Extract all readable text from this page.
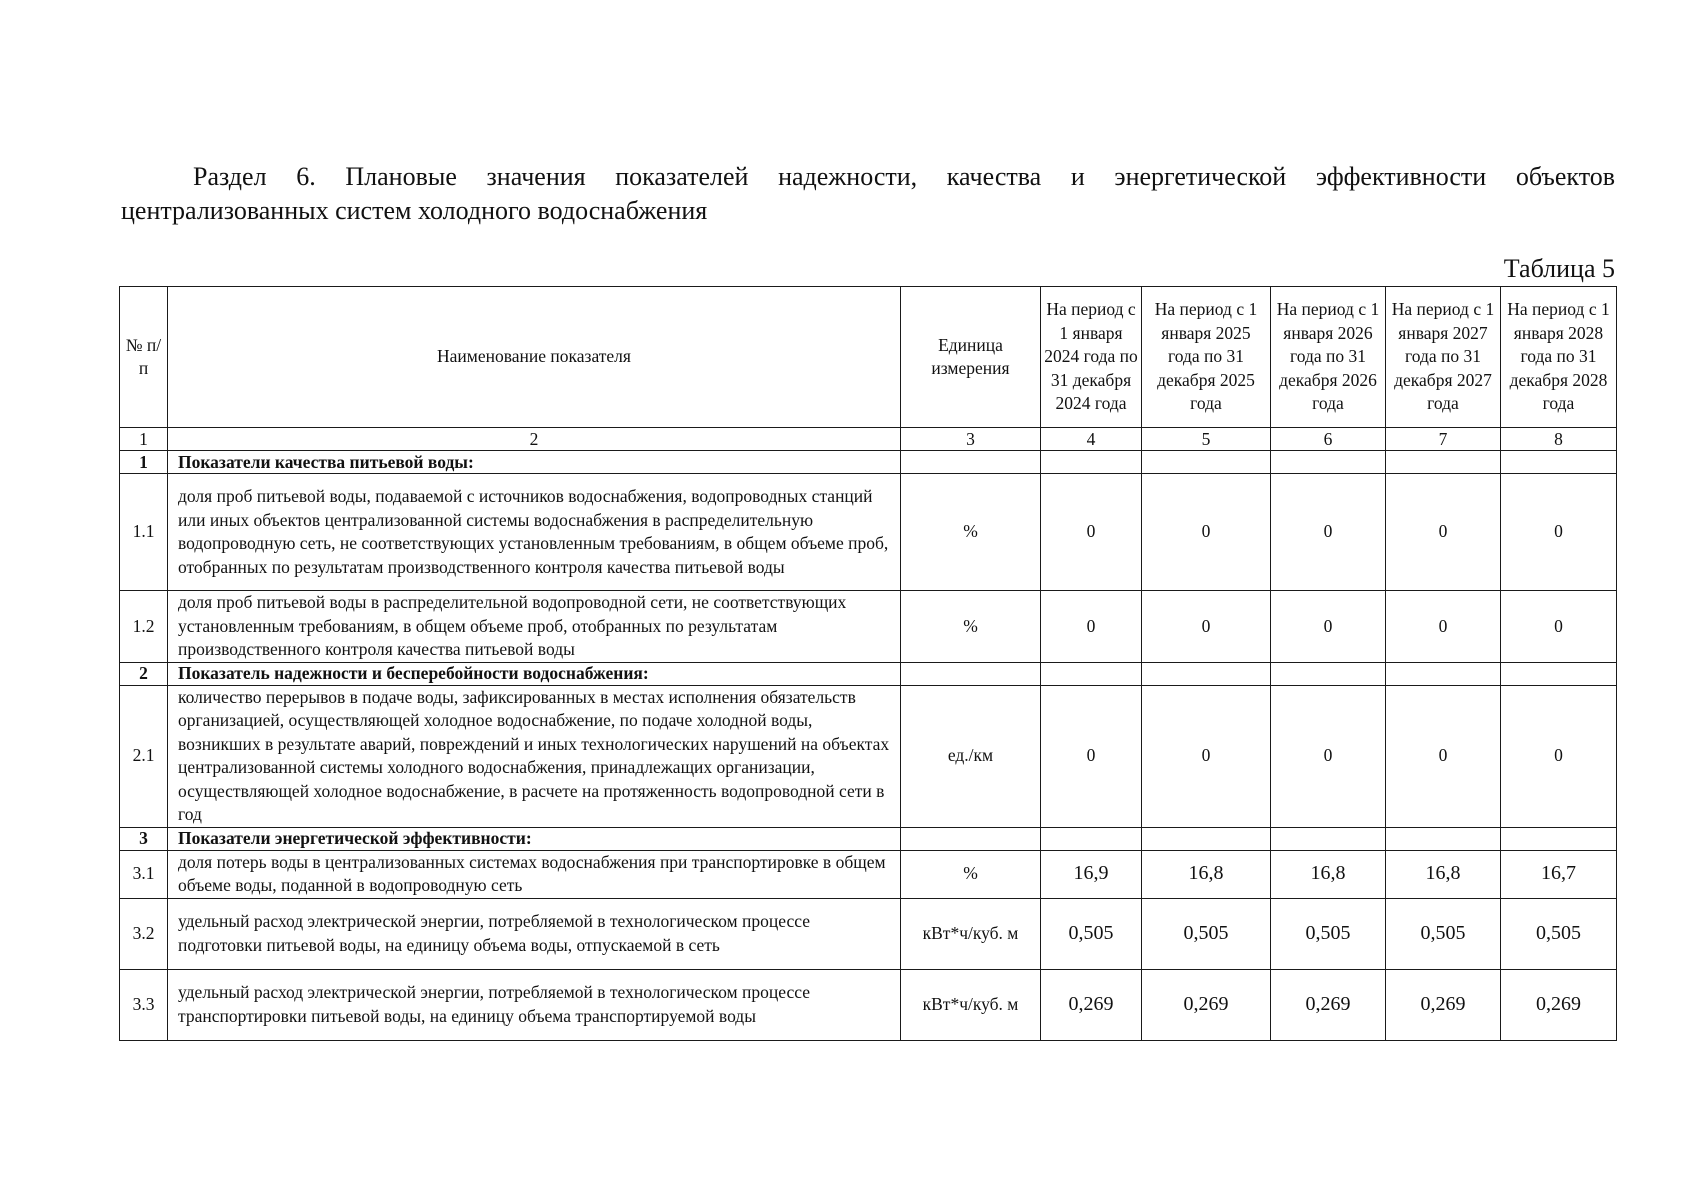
Раздел 6. Плановые значения показателей надежности, качества и энергетической эффективности объектов
централизованных систем холодного водоснабжения
Таблица 5
№ п/п	Наименование показателя	Единица измерения	На период с 1 января 2024 года по 31 декабря 2024 года	На период с 1 января 2025 года по 31 декабря 2025 года	На период с 1 января 2026 года по 31 декабря 2026 года	На период с 1 января 2027 года по 31 декабря 2027 года	На период с 1 января 2028 года по 31 декабря 2028 года
1	2	3	4	5	6	7	8
1	Показатели качества питьевой воды:						
1.1	доля проб питьевой воды, подаваемой с источников водоснабжения, водопроводных станций или иных объектов централизованной системы водоснабжения в распределительную водопроводную сеть, не соответствующих установленным требованиям, в общем объеме проб, отобранных по результатам производственного контроля качества питьевой воды	%	0	0	0	0	0
1.2	доля проб питьевой воды в распределительной водопроводной сети, не соответствующих установленным требованиям, в общем объеме проб, отобранных по результатам производственного контроля качества питьевой воды	%	0	0	0	0	0
2	Показатель надежности и бесперебойности водоснабжения:						
2.1	количество перерывов в подаче воды, зафиксированных в местах исполнения обязательств организацией, осуществляющей холодное водоснабжение, по подаче холодной воды, возникших в результате аварий, повреждений и иных технологических нарушений на объектах централизованной системы холодного водоснабжения, принадлежащих организации, осуществляющей холодное водоснабжение, в расчете на протяженность водопроводной сети в год	ед./км	0	0	0	0	0
3	Показатели энергетической эффективности:						
3.1	доля потерь воды в централизованных системах водоснабжения при транспортировке в общем объеме воды, поданной в водопроводную сеть	%	16,9	16,8	16,8	16,8	16,7
3.2	удельный расход электрической энергии, потребляемой в технологическом процессе подготовки питьевой воды, на единицу объема воды, отпускаемой в сеть	кВт*ч/куб. м	0,505	0,505	0,505	0,505	0,505
3.3	удельный расход электрической энергии, потребляемой в технологическом процессе транспортировки питьевой воды, на единицу объема транспортируемой воды	кВт*ч/куб. м	0,269	0,269	0,269	0,269	0,269
